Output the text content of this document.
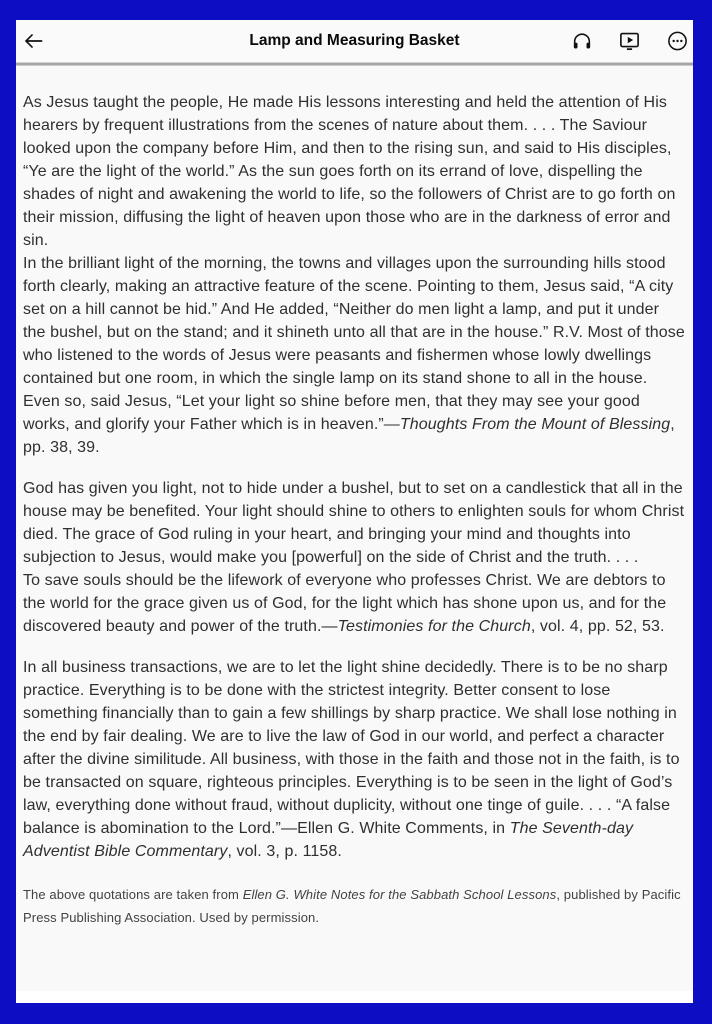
Lamp and Measuring Basket

As Jesus taught the people, He made His lessons interesting and held the attention of His hearers by frequent illustrations from the scenes of nature about them. . . . The Saviour looked upon the company before Him, and then to the rising sun, and said to His disciples, “Ye are the light of the world.” As the sun goes forth on its errand of love, dispelling the shades of night and awakening the world to life, so the followers of Christ are to go forth on their mission, diffusing the light of heaven upon those who are in the darkness of error and sin.

In the brilliant light of the morning, the towns and villages upon the surrounding hills stood forth clearly, making an attractive feature of the scene. Pointing to them, Jesus said, “A city set on a hill cannot be hid.” And He added, “Neither do men light a lamp, and put it under the bushel, but on the stand; and it shineth unto all that are in the house.” R.V. Most of those who listened to the words of Jesus were peasants and fishermen whose lowly dwellings contained but one room, in which the single lamp on its stand shone to all in the house. Even so, said Jesus, “Let your light so shine before men, that they may see your good works, and glorify your Father which is in heaven.”—Thoughts From the Mount of Blessing, pp. 38, 39.

God has given you light, not to hide under a bushel, but to set on a candlestick that all in the house may be benefited. Your light should shine to others to enlighten souls for whom Christ died. The grace of God ruling in your heart, and bringing your mind and thoughts into subjection to Jesus, would make you [powerful] on the side of Christ and the truth. . . .

To save souls should be the lifework of everyone who professes Christ. We are debtors to the world for the grace given us of God, for the light which has shone upon us, and for the discovered beauty and power of the truth.—Testimonies for the Church, vol. 4, pp. 52, 53.

In all business transactions, we are to let the light shine decidedly. There is to be no sharp practice. Everything is to be done with the strictest integrity. Better consent to lose something financially than to gain a few shillings by sharp practice. We shall lose nothing in the end by fair dealing. We are to live the law of God in our world, and perfect a character after the divine similitude. All business, with those in the faith and those not in the faith, is to be transacted on square, righteous principles. Everything is to be seen in the light of God’s law, everything done without fraud, without duplicity, without one tinge of guile. . . . “A false balance is abomination to the Lord.”—Ellen G. White Comments, in The Seventh-day Adventist Bible Commentary, vol. 3, p. 1158.

The above quotations are taken from Ellen G. White Notes for the Sabbath School Lessons, published by Pacific Press Publishing Association. Used by permission.
